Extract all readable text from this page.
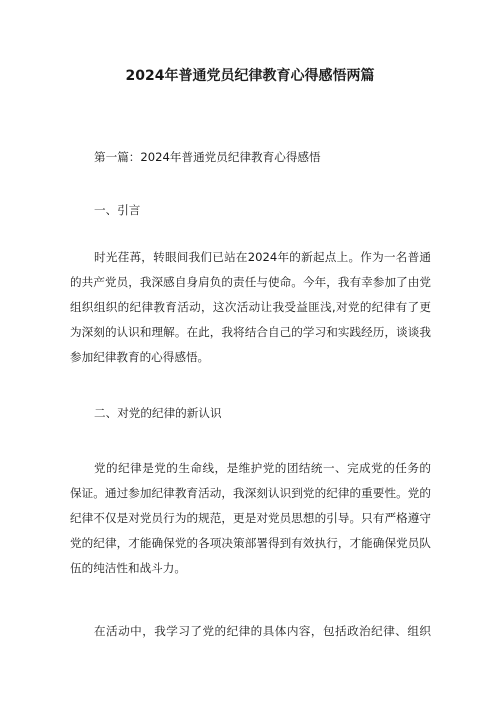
2024年普通党员纪律教育心得感悟两篇

第一篇：2024年普通党员纪律教育心得感悟

一、引言

时光荏苒，转眼间我们已站在2024年的新起点上。作为一名普通

的共产党员，我深感自身肩负的责任与使命。今年，我有幸参加了由党

组织组织的纪律教育活动，这次活动让我受益匪浅,对党的纪律有了更

为深刻的认识和理解。在此，我将结合自己的学习和实践经历，谈谈我

参加纪律教育的心得感悟。

二、对党的纪律的新认识

党的纪律是党的生命线，是维护党的团结统一、完成党的任务的

保证。通过参加纪律教育活动，我深刻认识到党的纪律的重要性。党的

纪律不仅是对党员行为的规范，更是对党员思想的引导。只有严格遵守

党的纪律，才能确保党的各项决策部署得到有效执行，才能确保党员队

伍的纯洁性和战斗力。

在活动中，我学习了党的纪律的具体内容，包括政治纪律、组织
